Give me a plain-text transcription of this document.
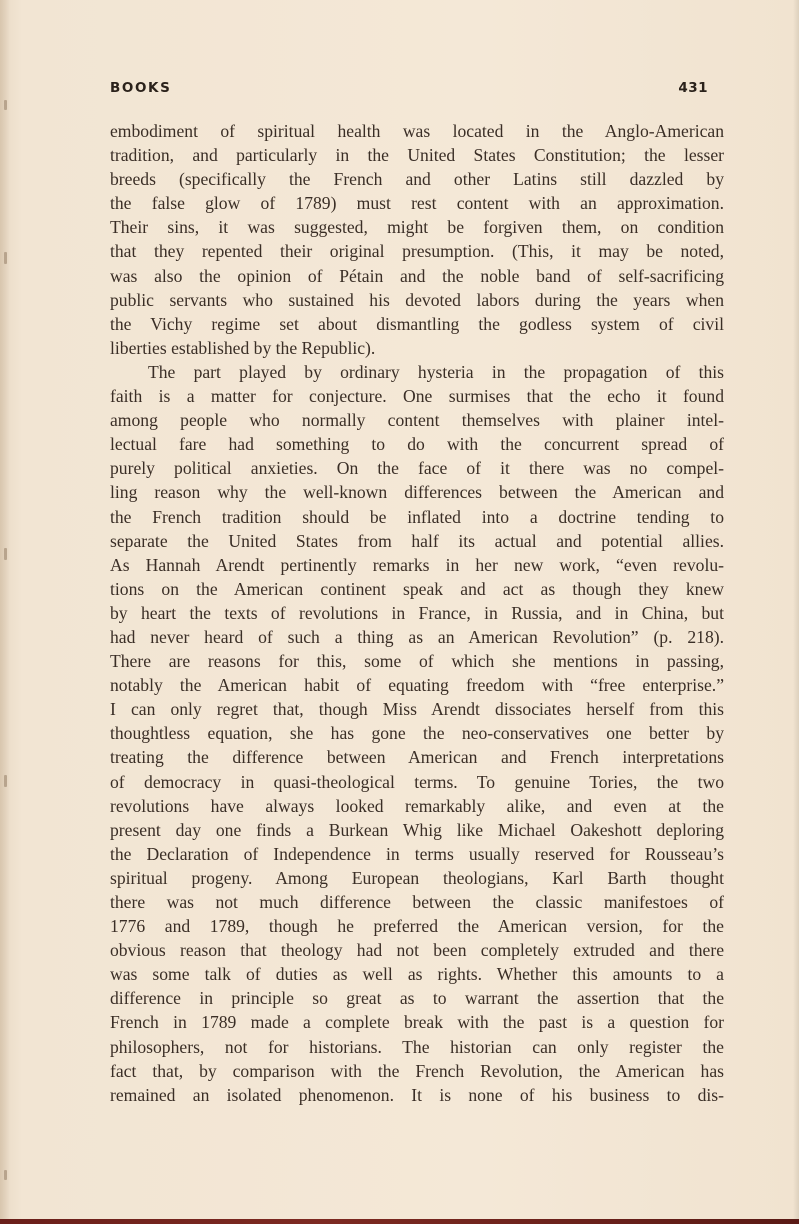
BOOKS	431
embodiment of spiritual health was located in the Anglo-American
tradition, and particularly in the United States Constitution; the lesser
breeds (specifically the French and other Latins still dazzled by
the false glow of 1789) must rest content with an approximation.
Their sins, it was suggested, might be forgiven them, on condition
that they repented their original presumption. (This, it may be noted,
was also the opinion of Pétain and the noble band of self-sacrificing
public servants who sustained his devoted labors during the years when
the Vichy regime set about dismantling the godless system of civil
liberties established by the Republic).
The part played by ordinary hysteria in the propagation of this
faith is a matter for conjecture. One surmises that the echo it found
among people who normally content themselves with plainer intel-
lectual fare had something to do with the concurrent spread of
purely political anxieties. On the face of it there was no compel-
ling reason why the well-known differences between the American and
the French tradition should be inflated into a doctrine tending to
separate the United States from half its actual and potential allies.
As Hannah Arendt pertinently remarks in her new work, “even revolu-
tions on the American continent speak and act as though they knew
by heart the texts of revolutions in France, in Russia, and in China, but
had never heard of such a thing as an American Revolution” (p. 218).
There are reasons for this, some of which she mentions in passing,
notably the American habit of equating freedom with “free enterprise.”
I can only regret that, though Miss Arendt dissociates herself from this
thoughtless equation, she has gone the neo-conservatives one better by
treating the difference between American and French interpretations
of democracy in quasi-theological terms. To genuine Tories, the two
revolutions have always looked remarkably alike, and even at the
present day one finds a Burkean Whig like Michael Oakeshott deploring
the Declaration of Independence in terms usually reserved for Rousseau’s
spiritual progeny. Among European theologians, Karl Barth thought
there was not much difference between the classic manifestoes of
1776 and 1789, though he preferred the American version, for the
obvious reason that theology had not been completely extruded and there
was some talk of duties as well as rights. Whether this amounts to a
difference in principle so great as to warrant the assertion that the
French in 1789 made a complete break with the past is a question for
philosophers, not for historians. The historian can only register the
fact that, by comparison with the French Revolution, the American has
remained an isolated phenomenon. It is none of his business to dis-
